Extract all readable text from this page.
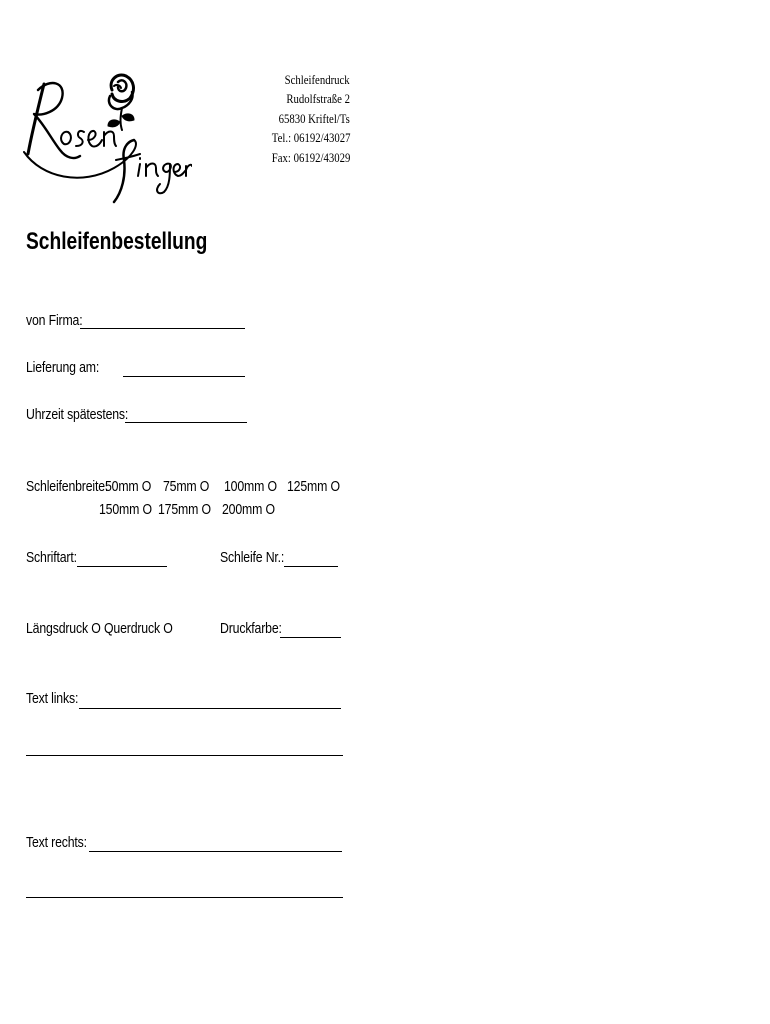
Schleifendruck
Rudolfstraße 2
65830 Kriftel/Ts
Tel.: 06192/43027
Fax: 06192/43029
Schleifenbestellung
von Firma:
Lieferung am:
Uhrzeit spätestens:
Schleifenbreite:
50mm O 75mm O 100mm O 125mm O
150mm O 175mm O 200mm O
Schriftart:	Schleife Nr.:
Längsdruck O Querdruck O	Druckfarbe:
Text links:
Text rechts:
